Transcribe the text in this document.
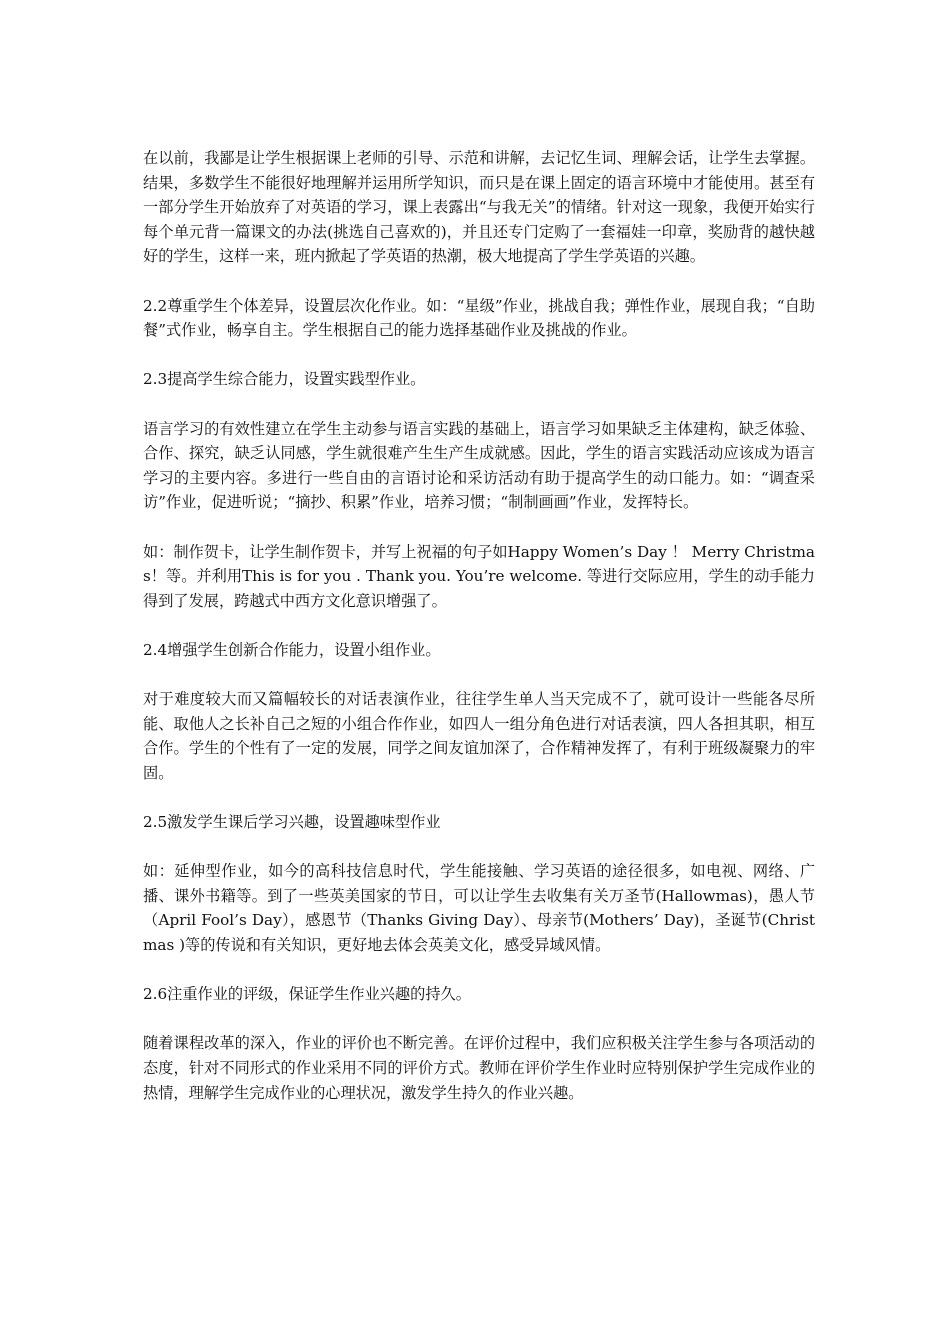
在以前，我鄙是让学生根据课上老师的引导、示范和讲解，去记忆生词、理解会话，让学生去掌握。结果，多数学生不能很好地理解并运用所学知识，而只是在课上固定的语言环境中才能使用。甚至有一部分学生开始放弃了对英语的学习，课上表露出“与我无关”的情绪。针对这一现象，我便开始实行每个单元背一篇课文的办法(挑选自己喜欢的)，并且还专门定购了一套福娃一印章，奖励背的越快越好的学生，这样一来，班内掀起了学英语的热潮，极大地提高了学生学英语的兴趣。

2.2尊重学生个体差异，设置层次化作业。如：“星级”作业，挑战自我；弹性作业，展现自我；“自助餐”式作业，畅享自主。学生根据自己的能力选择基础作业及挑战的作业。

2.3提高学生综合能力，设置实践型作业。

语言学习的有效性建立在学生主动参与语言实践的基础上，语言学习如果缺乏主体建构，缺乏体验、合作、探究，缺乏认同感，学生就很难产生生产生成就感。因此，学生的语言实践活动应该成为语言学习的主要内容。多进行一些自由的言语讨论和采访活动有助于提高学生的动口能力。如：“调查采访”作业，促进听说；“摘抄、积累”作业，培养习惯；“制制画画”作业，发挥特长。

如：制作贺卡，让学生制作贺卡，并写上祝福的句子如Happy Women’s Day ！ Merry Christmas！等。并利用This is for you . Thank you. You’re welcome. 等进行交际应用，学生的动手能力得到了发展，跨越式中西方文化意识增强了。

2.4增强学生创新合作能力，设置小组作业。

对于难度较大而又篇幅较长的对话表演作业，往往学生单人当天完成不了，就可设计一些能各尽所能、取他人之长补自己之短的小组合作作业，如四人一组分角色进行对话表演，四人各担其职，相互合作。学生的个性有了一定的发展，同学之间友谊加深了，合作精神发挥了，有利于班级凝聚力的牢固。

2.5激发学生课后学习兴趣，设置趣味型作业

如：延伸型作业，如今的高科技信息时代，学生能接触、学习英语的途径很多，如电视、网络、广播、课外书籍等。到了一些英美国家的节日，可以让学生去收集有关万圣节(Hallowmas)，愚人节（April Fool’s Day），感恩节（Thanks Giving Day）、母亲节(Mothers’ Day)，圣诞节(Christmas )等的传说和有关知识，更好地去体会英美文化，感受异域风情。

2.6注重作业的评级，保证学生作业兴趣的持久。

随着课程改革的深入，作业的评价也不断完善。在评价过程中，我们应积极关注学生参与各项活动的态度，针对不同形式的作业采用不同的评价方式。教师在评价学生作业时应特别保护学生完成作业的热情，理解学生完成作业的心理状况，激发学生持久的作业兴趣。
